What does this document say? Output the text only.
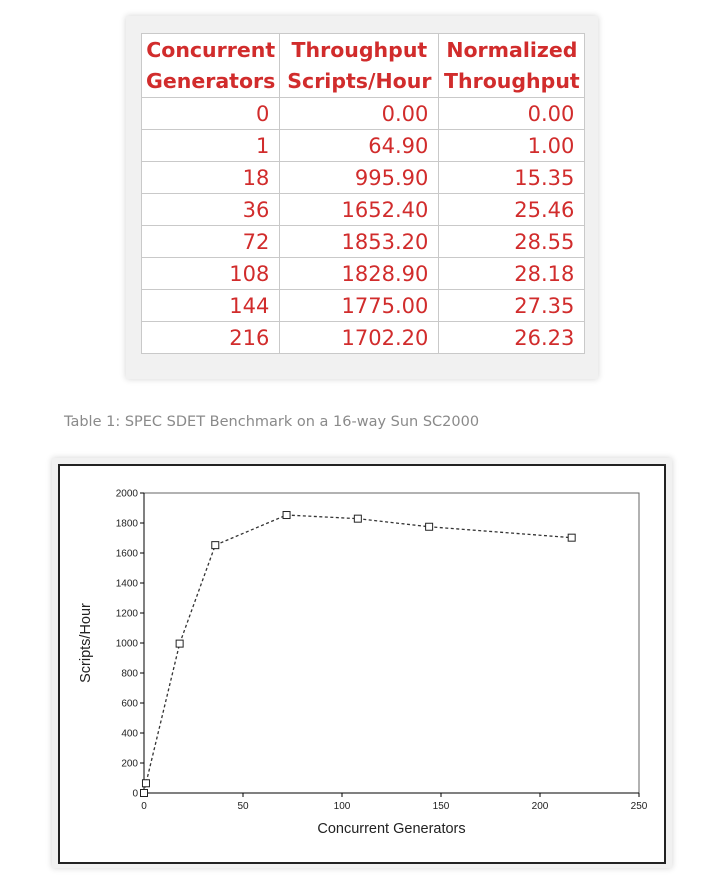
Concurrent	Throughput	Normalized
Generators	Scripts/Hour	Throughput
0	0.00	0.00
1	64.90	1.00
18	995.90	15.35
36	1652.40	25.46
72	1853.20	28.55
108	1828.90	28.18
144	1775.00	27.35
216	1702.20	26.23
Table 1: SPEC SDET Benchmark on a 16-way Sun SC2000
0
200
400
600
800
1000
1200
1400
1600
1800
2000
0	50	100	150	200	250
Concurrent Generators
Scripts/Hour
